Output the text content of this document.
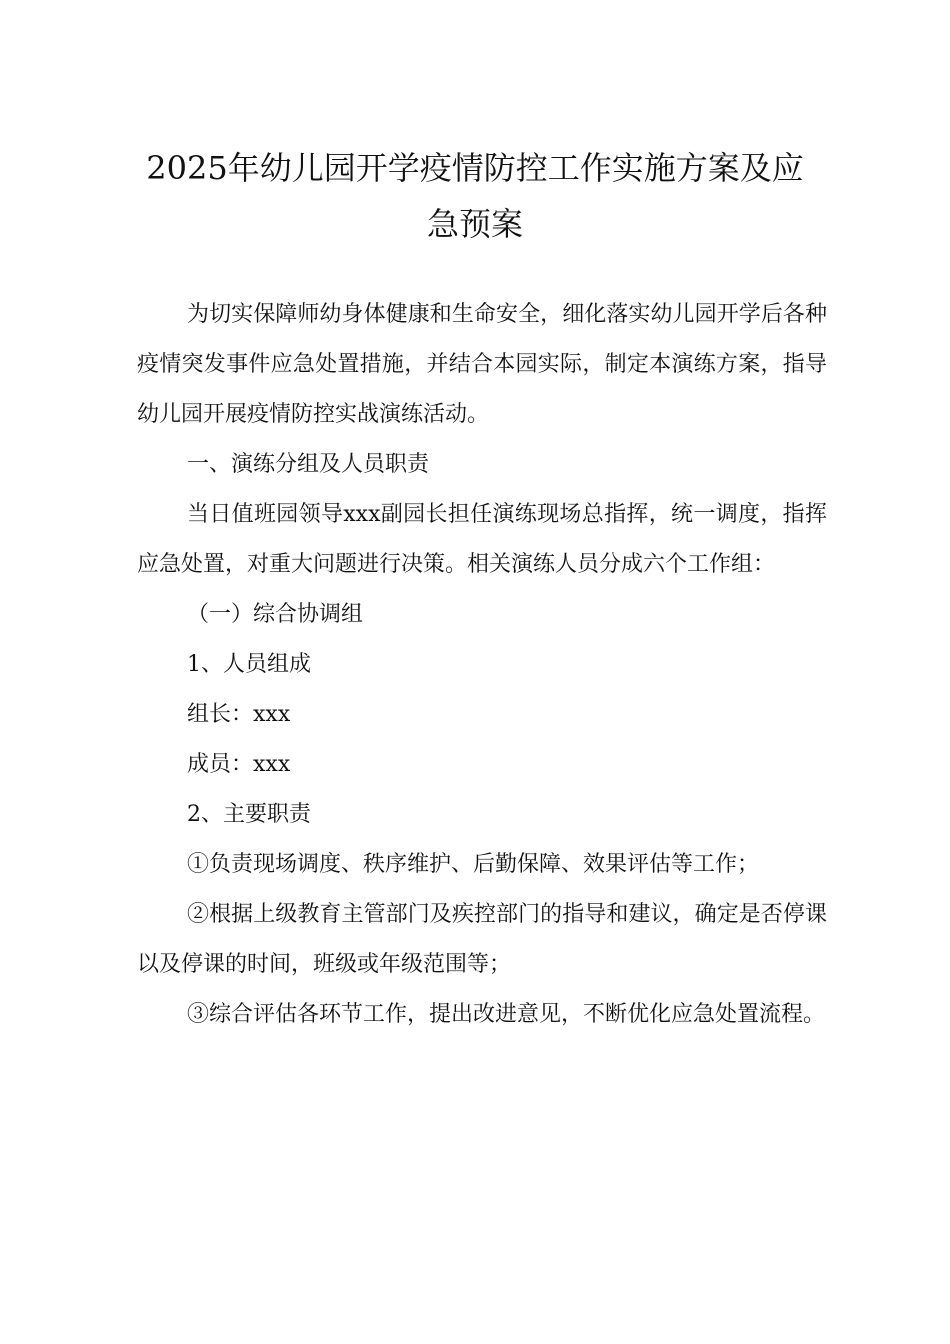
2025年幼儿园开学疫情防控工作实施方案及应
急预案

为切实保障师幼身体健康和生命安全，细化落实幼儿园开学后各种疫情突发事件应急处置措施，并结合本园实际，制定本演练方案，指导幼儿园开展疫情防控实战演练活动。

一、演练分组及人员职责

当日值班园领导xxx副园长担任演练现场总指挥，统一调度，指挥应急处置，对重大问题进行决策。相关演练人员分成六个工作组：

（一）综合协调组

1、人员组成

组长：xxx

成员：xxx

2、主要职责

①负责现场调度、秩序维护、后勤保障、效果评估等工作；

②根据上级教育主管部门及疾控部门的指导和建议，确定是否停课以及停课的时间，班级或年级范围等；

③综合评估各环节工作，提出改进意见，不断优化应急处置流程。
